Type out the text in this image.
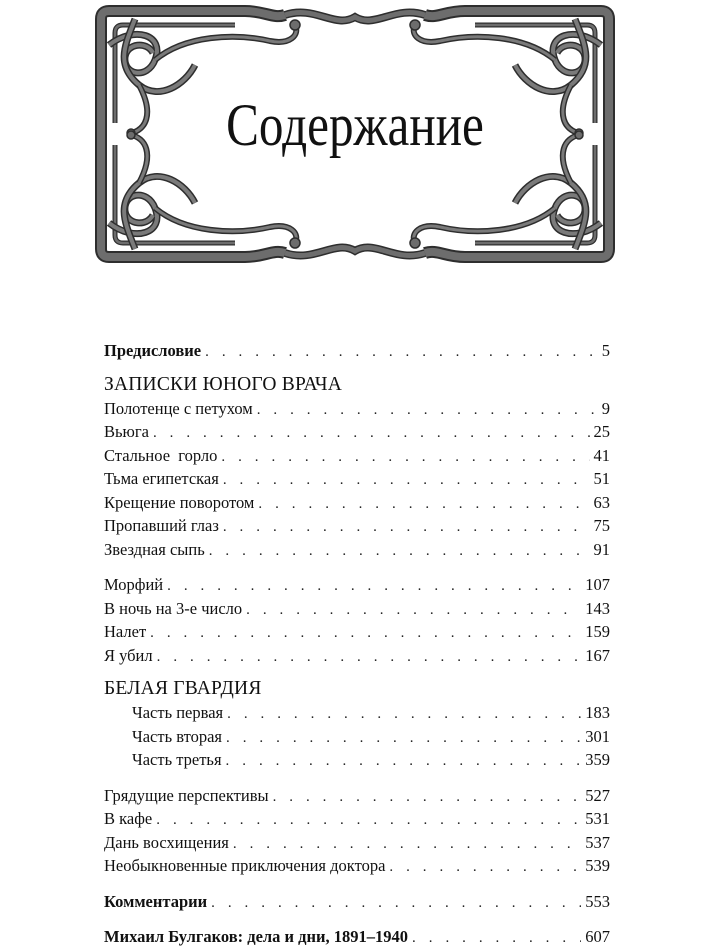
Содержание
Предисловие . . .	5
ЗАПИСКИ ЮНОГО ВРАЧА
Полотенце с петухом . . .	9
Вьюга . . .	25
Стальное  горло . . .	41
Тьма египетская . . .	51
Крещение поворотом . . .	63
Пропавший глаз . . .	75
Звездная сыпь . . .	91
Морфий . . .	107
В ночь на 3-е число . . .	143
Налет . . .	159
Я убил . . .	167
БЕЛАЯ ГВАРДИЯ
Часть первая . . .	183
Часть вторая . . .	301
Часть третья . . .	359
Грядущие перспективы . . .	527
В кафе . . .	531
Дань восхищения . . .	537
Необыкновенные приключения доктора . . .	539
Комментарии . . .	553
Михаил Булгаков: дела и дни, 1891–1940 . . .	607
